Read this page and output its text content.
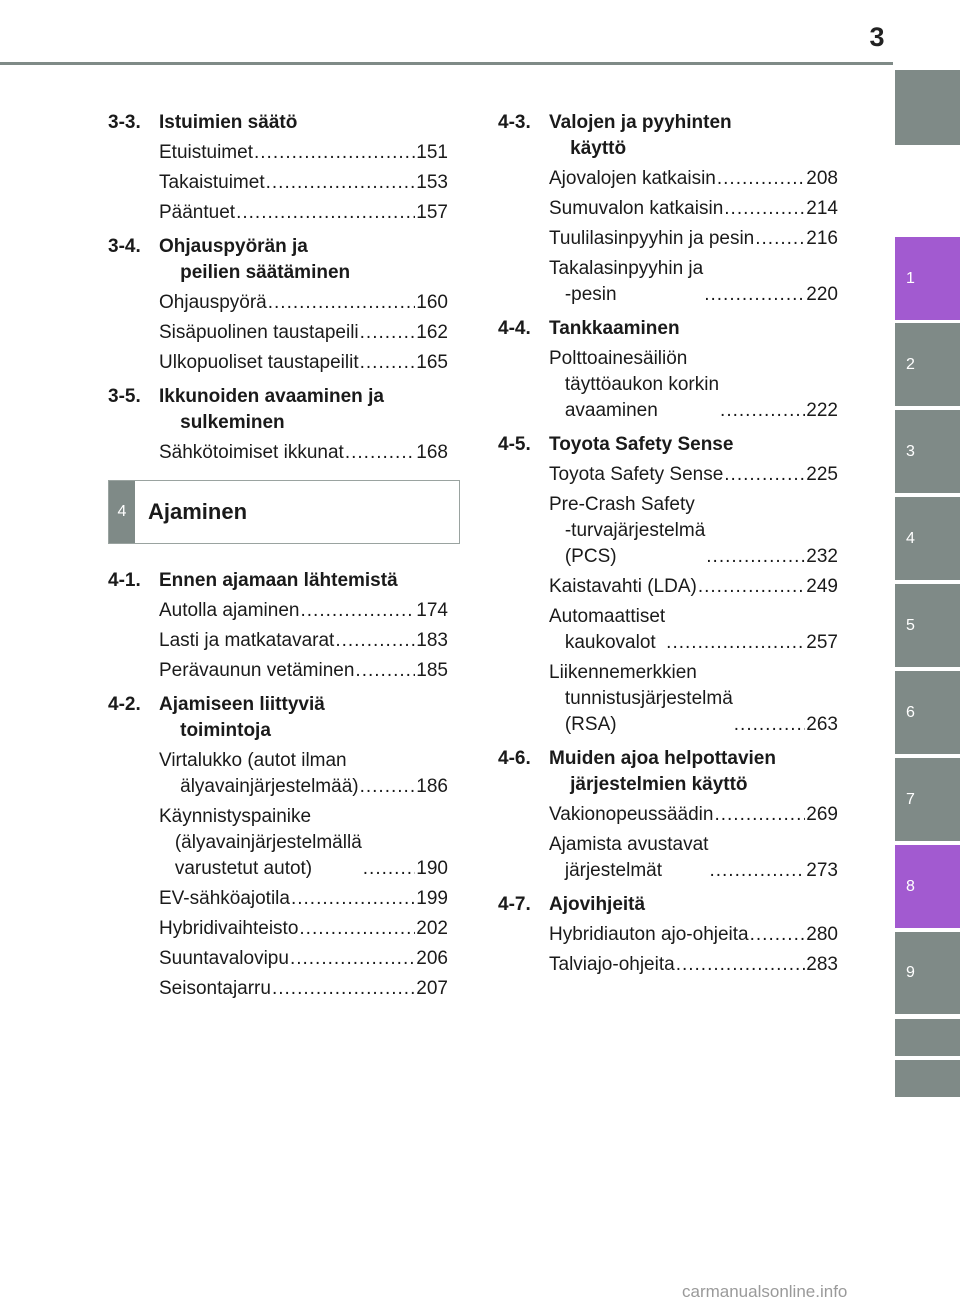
3
1
2
3
4
5
6
7
8
9
3-3. Istuimien säätö
Etuistuimet .....	151
Takaistuimet .....	153
Pääntuet .....	157
3-4. Ohjauspyörän ja
peilien säätäminen
Ohjauspyörä .....	160
Sisäpuolinen taustapeili .....	162
Ulkopuoliset taustapeilit .....	165
3-5. Ikkunoiden avaaminen ja
sulkeminen
Sähkötoimiset ikkunat .....	168
4 Ajaminen
4-1. Ennen ajamaan lähtemistä
Autolla ajaminen .....	174
Lasti ja matkatavarat .....	183
Perävaunun vetäminen .....	185
4-2. Ajamiseen liittyviä
toimintoja
Virtalukko (autot ilman
älyavainjärjestelmää) .....	186
Käynnistyspainike
(älyavainjärjestelmällä
varustetut autot) .....	190
EV-sähköajotila .....	199
Hybridivaihteisto .....	202
Suuntavalovipu .....	206
Seisontajarru .....	207
4-3. Valojen ja pyyhinten
käyttö
Ajovalojen katkaisin .....	208
Sumuvalon katkaisin .....	214
Tuulilasinpyyhin ja pesin .....	216
Takalasinpyyhin ja
-pesin .....	220
4-4. Tankkaaminen
Polttoainesäiliön
täyttöaukon korkin
avaaminen .....	222
4-5. Toyota Safety Sense
Toyota Safety Sense .....	225
Pre-Crash Safety
-turvajärjestelmä
(PCS) .....	232
Kaistavahti (LDA) .....	249
Automaattiset
kaukovalot .....	257
Liikennemerkkien
tunnistusjärjestelmä
(RSA) .....	263
4-6. Muiden ajoa helpottavien
järjestelmien käyttö
Vakionopeussäädin .....	269
Ajamista avustavat
järjestelmät .....	273
4-7. Ajovihjeitä
Hybridiauton ajo-ohjeita .....	280
Talviajo-ohjeita .....	283
carmanualsonline.info
